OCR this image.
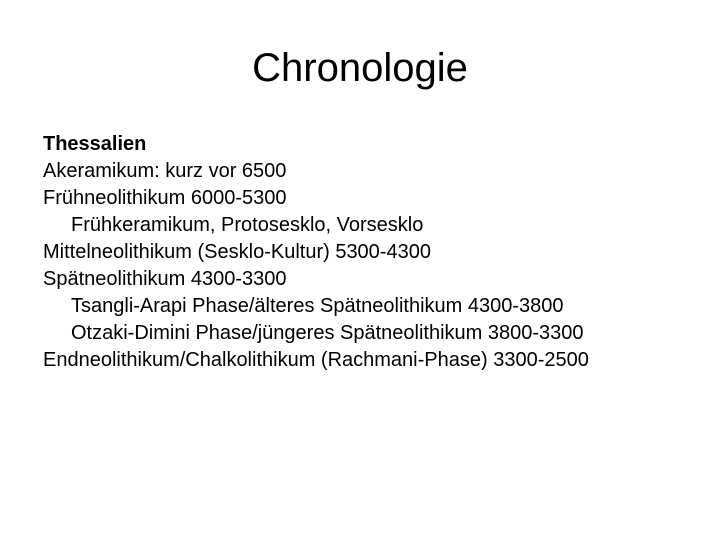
Chronologie

Thessalien

Akeramikum: kurz vor 6500

Frühneolithikum 6000-5300

Frühkeramikum, Protosesklo, Vorsesklo

Mittelneolithikum (Sesklo-Kultur) 5300-4300

Spätneolithikum 4300-3300

Tsangli-Arapi Phase/älteres Spätneolithikum 4300-3800

Otzaki-Dimini Phase/jüngeres Spätneolithikum 3800-3300

Endneolithikum/Chalkolithikum (Rachmani-Phase) 3300-2500
